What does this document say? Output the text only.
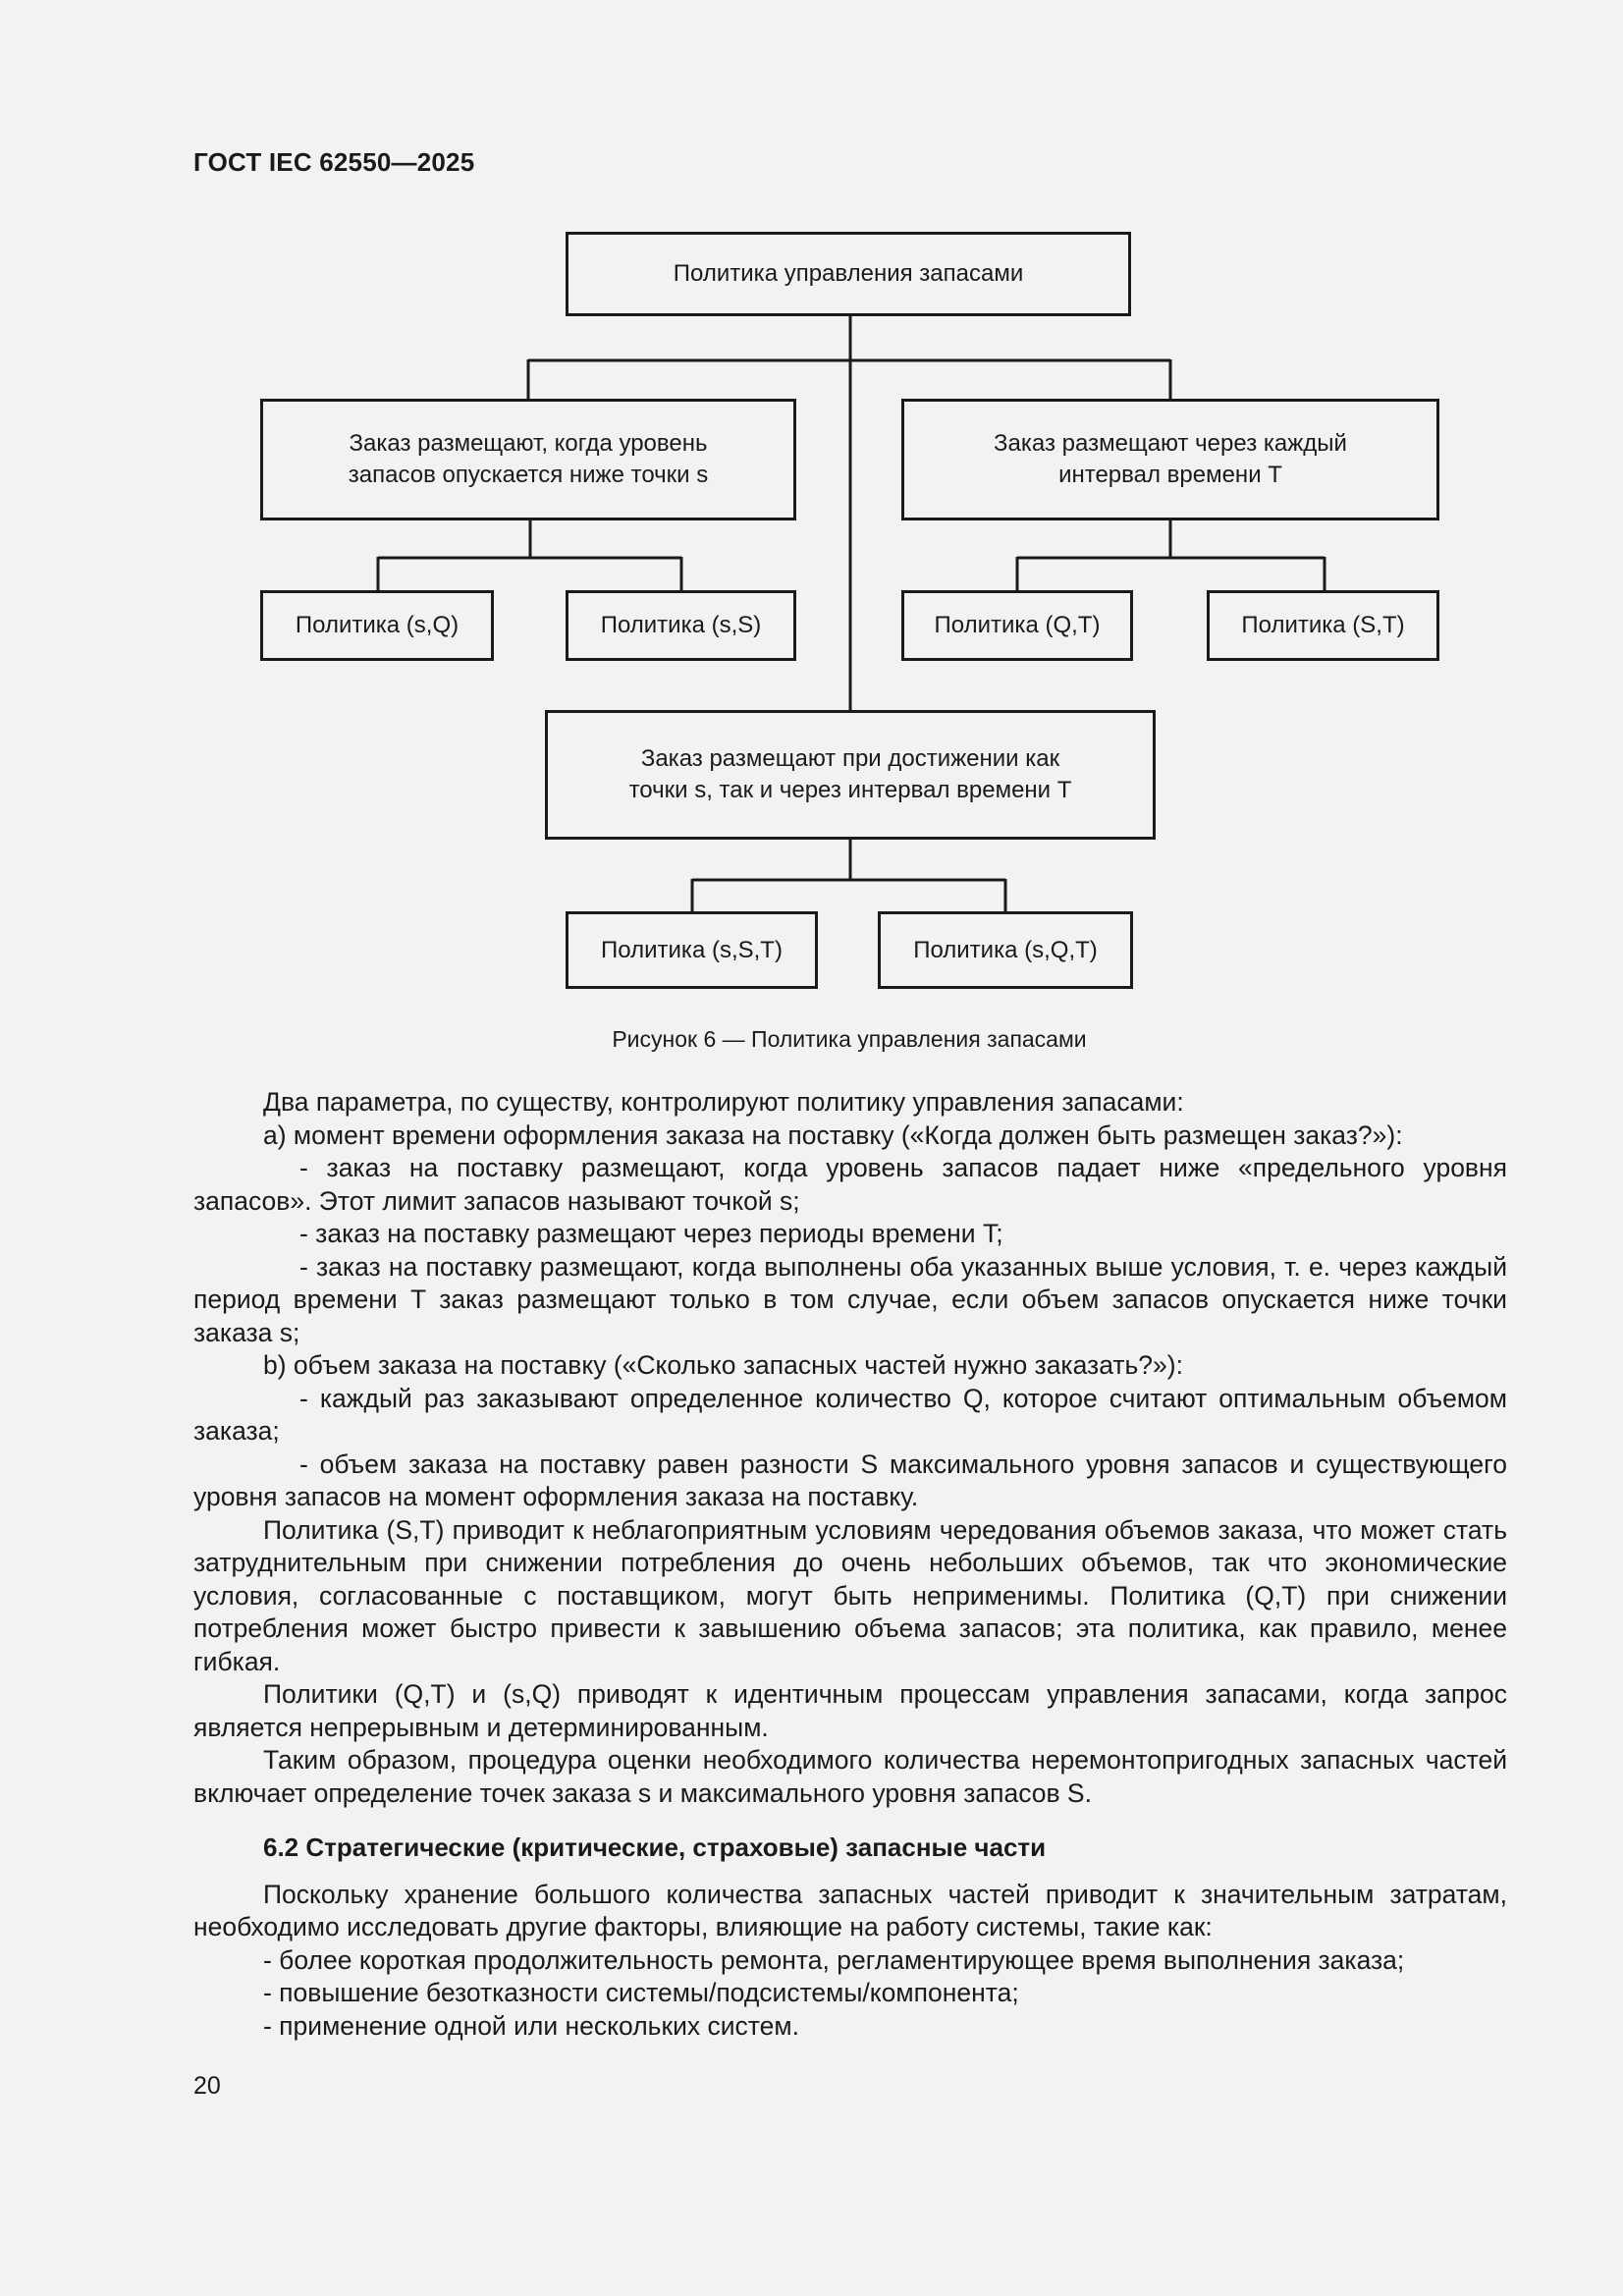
ГОСТ IEC 62550—2025
Политика управления запасами
Заказ размещают, когда уровень
запасов опускается ниже точки s
Заказ размещают через каждый
интервал времени T
Политика (s,Q)	Политика (s,S)	Политика (Q,T)	Политика (S,T)
Заказ размещают при достижении как
точки s, так и через интервал времени T
Политика (s,S,T)	Политика (s,Q,T)
Рисунок 6 — Политика управления запасами

Два параметра, по существу, контролируют политику управления запасами:

a) момент времени оформления заказа на поставку («Когда должен быть размещен заказ?»):

- заказ на поставку размещают, когда уровень запасов падает ниже «предельного уровня запасов». Этот лимит запасов называют точкой s;

- заказ на поставку размещают через периоды времени T;

- заказ на поставку размещают, когда выполнены оба указанных выше условия, т. е. через каждый период времени T заказ размещают только в том случае, если объем запасов опускается ниже точки заказа s;

b) объем заказа на поставку («Сколько запасных частей нужно заказать?»):

- каждый раз заказывают определенное количество Q, которое считают оптимальным объемом заказа;

- объем заказа на поставку равен разности S максимального уровня запасов и существующего уровня запасов на момент оформления заказа на поставку.

Политика (S,T) приводит к неблагоприятным условиям чередования объемов заказа, что может стать затруднительным при снижении потребления до очень небольших объемов, так что экономические условия, согласованные с поставщиком, могут быть неприменимы. Политика (Q,T) при снижении потребления может быстро привести к завышению объема запасов; эта политика, как правило, менее гибкая.

Политики (Q,T) и (s,Q) приводят к идентичным процессам управления запасами, когда запрос является непрерывным и детерминированным.

Таким образом, процедура оценки необходимого количества неремонтопригодных запасных частей включает определение точек заказа s и максимального уровня запасов S.

6.2 Стратегические (критические, страховые) запасные части

Поскольку хранение большого количества запасных частей приводит к значительным затратам, необходимо исследовать другие факторы, влияющие на работу системы, такие как:

- более короткая продолжительность ремонта, регламентирующее время выполнения заказа;

- повышение безотказности системы/подсистемы/компонента;

- применение одной или нескольких систем.

20
